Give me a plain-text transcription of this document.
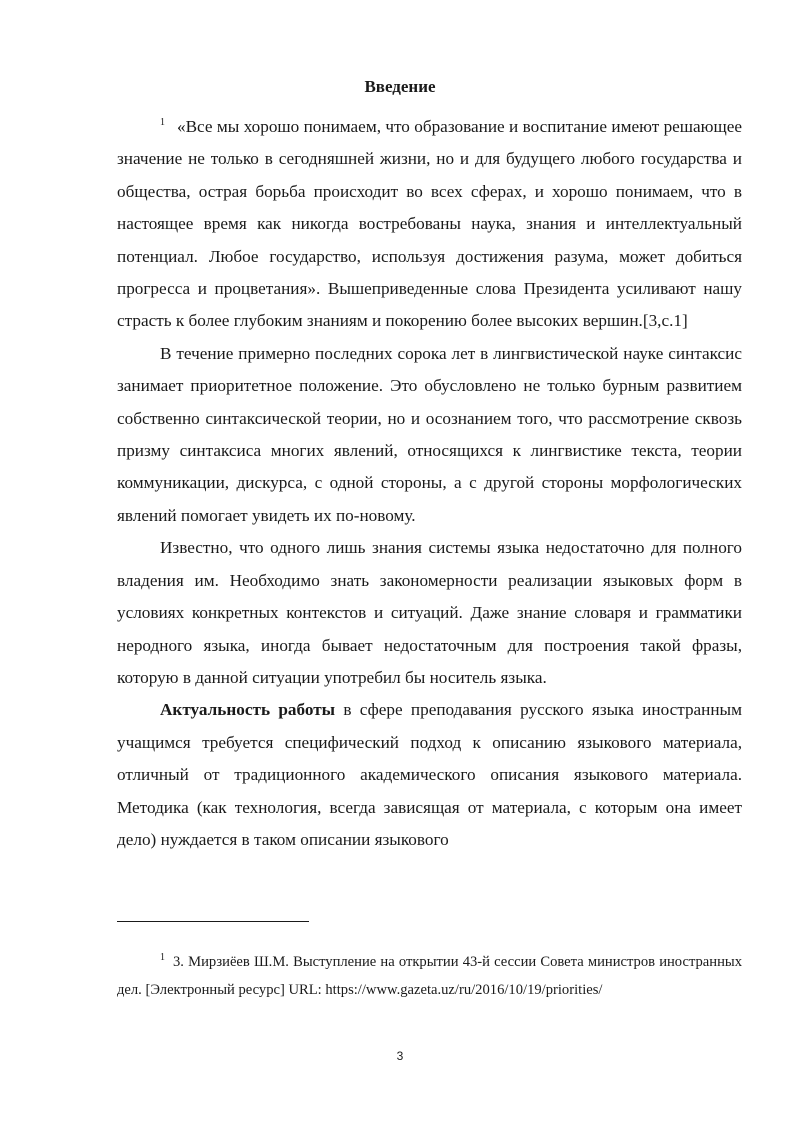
Введение

$^1$ «Все мы хорошо понимаем, что образование и воспитание имеют решающее значение не только в сегодняшней жизни, но и для будущего любого государства и общества, острая борьба происходит во всех сферах, и хорошо понимаем, что в настоящее время как никогда востребованы наука, знания и интеллектуальный потенциал. Любое государство, используя достижения разума, может добиться прогресса и процветания». Вышеприведенные слова Президента усиливают нашу страсть к более глубоким знаниям и покорению более высоких вершин.[3,с.1]

В течение примерно последних сорока лет в лингвистической науке синтаксис занимает приоритетное положение. Это обусловлено не только бурным развитием собственно синтаксической теории, но и осознанием того, что рассмотрение сквозь призму синтаксиса многих явлений, относящихся к лингвистике текста, теории коммуникации, дискурса, с одной стороны, а с другой стороны морфологических явлений помогает увидеть их по-новому.

Известно, что одного лишь знания системы языка недостаточно для полного владения им. Необходимо знать закономерности реализации языковых форм в условиях конкретных контекстов и ситуаций. Даже знание словаря и грамматики неродного языка, иногда бывает недостаточным для построения такой фразы, которую в данной ситуации употребил бы носитель языка.

Актуальность работы в сфере преподавания русского языка иностранным учащимся требуется специфический подход к описанию языкового материала, отличный от традиционного академического описания языкового материала. Методика (как технология, всегда зависящая от материала, с которым она имеет дело) нуждается в таком описании языкового

$^1$ 3. Мирзиёев Ш.М. Выступление на открытии 43-й сессии Совета министров иностранных дел. [Электронный ресурс] URL: https://www.gazeta.uz/ru/2016/10/19/priorities/

3
